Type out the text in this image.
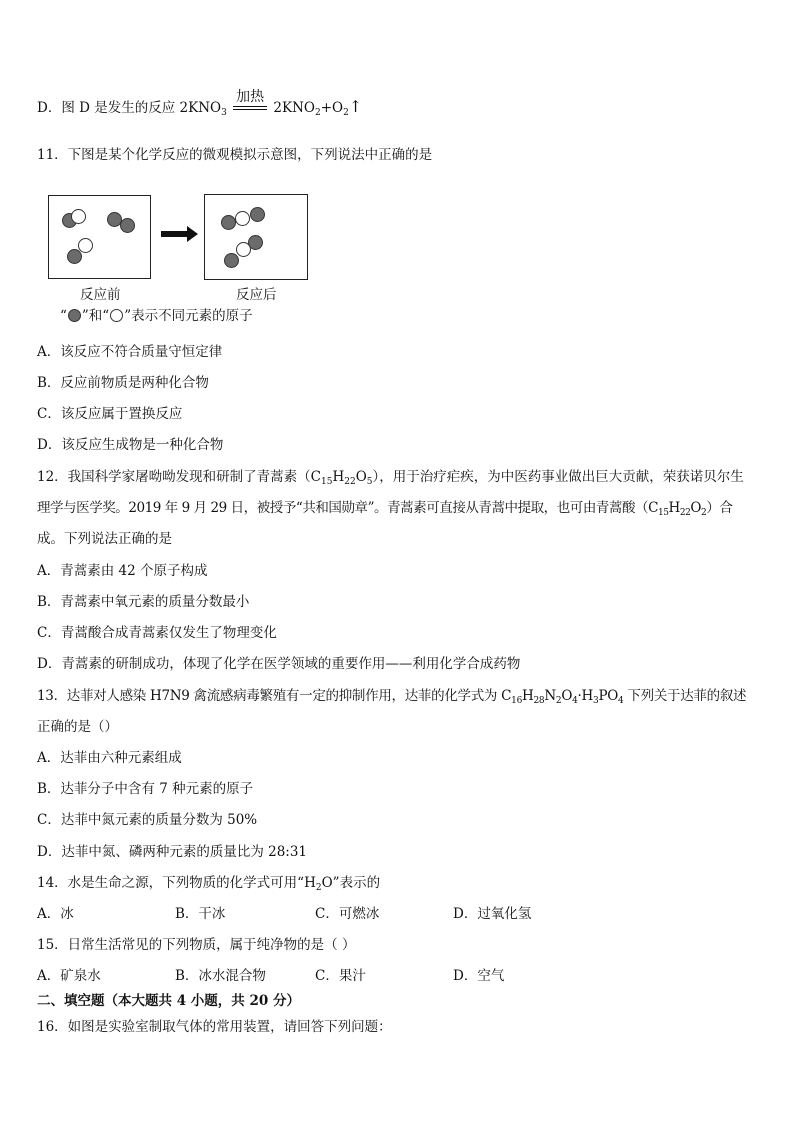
D．图 D 是发生的反应 $2KNO_3$
加热
$2KNO_2+O_2↑$
11．下图是某个化学反应的微观模拟示意图，下列说法中正确的是
反应前	反应后
“ ”和“ ”表示不同元素的原子
A．该反应不符合质量守恒定律
B．反应前物质是两种化合物
C．该反应属于置换反应
D．该反应生成物是一种化合物
12．我国科学家屠呦呦发现和研制了青蒿素$(C_{15}H_{22}O_5)$，用于治疗疟疾，为中医药事业做出巨大贡献，荣获诺贝尔生
理学与医学奖。2019 年 9 月 29 日，被授予“共和国勋章”。青蒿素可直接从青蒿中提取，也可由青蒿酸$(C_{15}H_{22}O_2)$合
成。下列说法正确的是
A．青蒿素由 42 个原子构成
B．青蒿素中氧元素的质量分数最小
C．青蒿酸合成青蒿素仅发生了物理变化
D．青蒿素的研制成功，体现了化学在医学领域的重要作用——利用化学合成药物
13．达菲对人感染 H7N9 禽流感病毒繁殖有一定的抑制作用，达菲的化学式为 $C_{16}H_{28}N_2O_4\cdot H_3PO_4$ 下列关于达菲的叙述
正确的是（）
A．达菲由六种元素组成
B．达菲分子中含有 7 种元素的原子
C．达菲中氮元素的质量分数为 50%
D．达菲中氮、磷两种元素的质量比为 28:31
14．水是生命之源，下列物质的化学式可用“$H_2O$”表示的
A．冰	B．干冰	C．可燃冰	D．过氧化氢
15．日常生活常见的下列物质，属于纯净物的是（ ）
A．矿泉水	B．冰水混合物	C．果汁	D．空气
二、填空题（本大题共 4 小题，共 20 分）
16．如图是实验室制取气体的常用装置，请回答下列问题：
